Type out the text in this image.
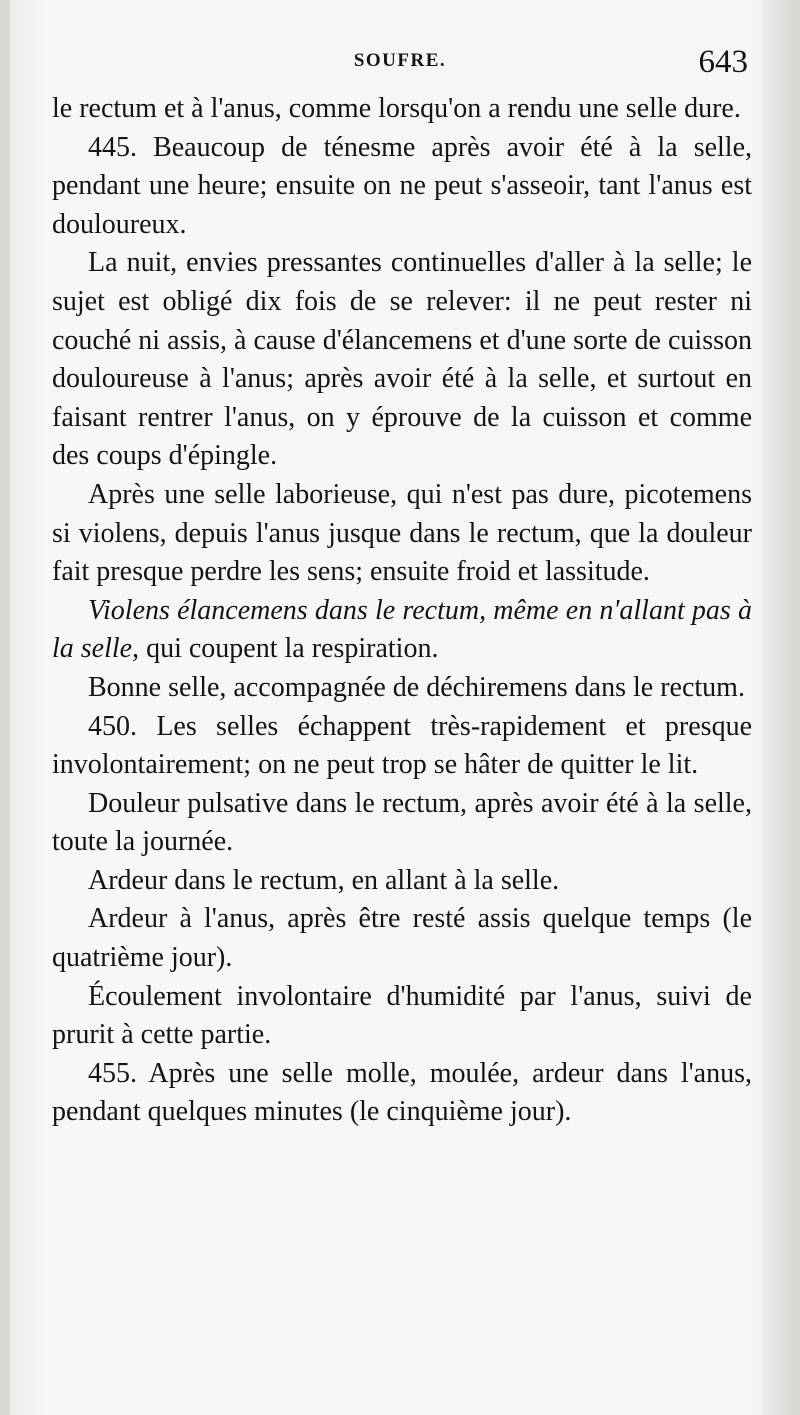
SOUFRE.	643

le rectum et à l'anus, comme lorsqu'on a rendu une selle dure.

445. Beaucoup de ténesme après avoir été à la selle, pendant une heure; ensuite on ne peut s'asseoir, tant l'anus est douloureux.

La nuit, envies pressantes continuelles d'aller à la selle; le sujet est obligé dix fois de se relever: il ne peut rester ni couché ni assis, à cause d'élancemens et d'une sorte de cuisson douloureuse à l'anus; après avoir été à la selle, et surtout en faisant rentrer l'anus, on y éprouve de la cuisson et comme des coups d'épingle.

Après une selle laborieuse, qui n'est pas dure, picotemens si violens, depuis l'anus jusque dans le rectum, que la douleur fait presque perdre les sens; ensuite froid et lassitude.

Violens élancemens dans le rectum, même en n'allant pas à la selle, qui coupent la respiration.

Bonne selle, accompagnée de déchiremens dans le rectum.

450. Les selles échappent très-rapidement et presque involontairement; on ne peut trop se hâter de quitter le lit.

Douleur pulsative dans le rectum, après avoir été à la selle, toute la journée.

Ardeur dans le rectum, en allant à la selle.

Ardeur à l'anus, après être resté assis quelque temps (le quatrième jour).

Écoulement involontaire d'humidité par l'anus, suivi de prurit à cette partie.

455. Après une selle molle, moulée, ardeur dans l'anus, pendant quelques minutes (le cinquième jour).
